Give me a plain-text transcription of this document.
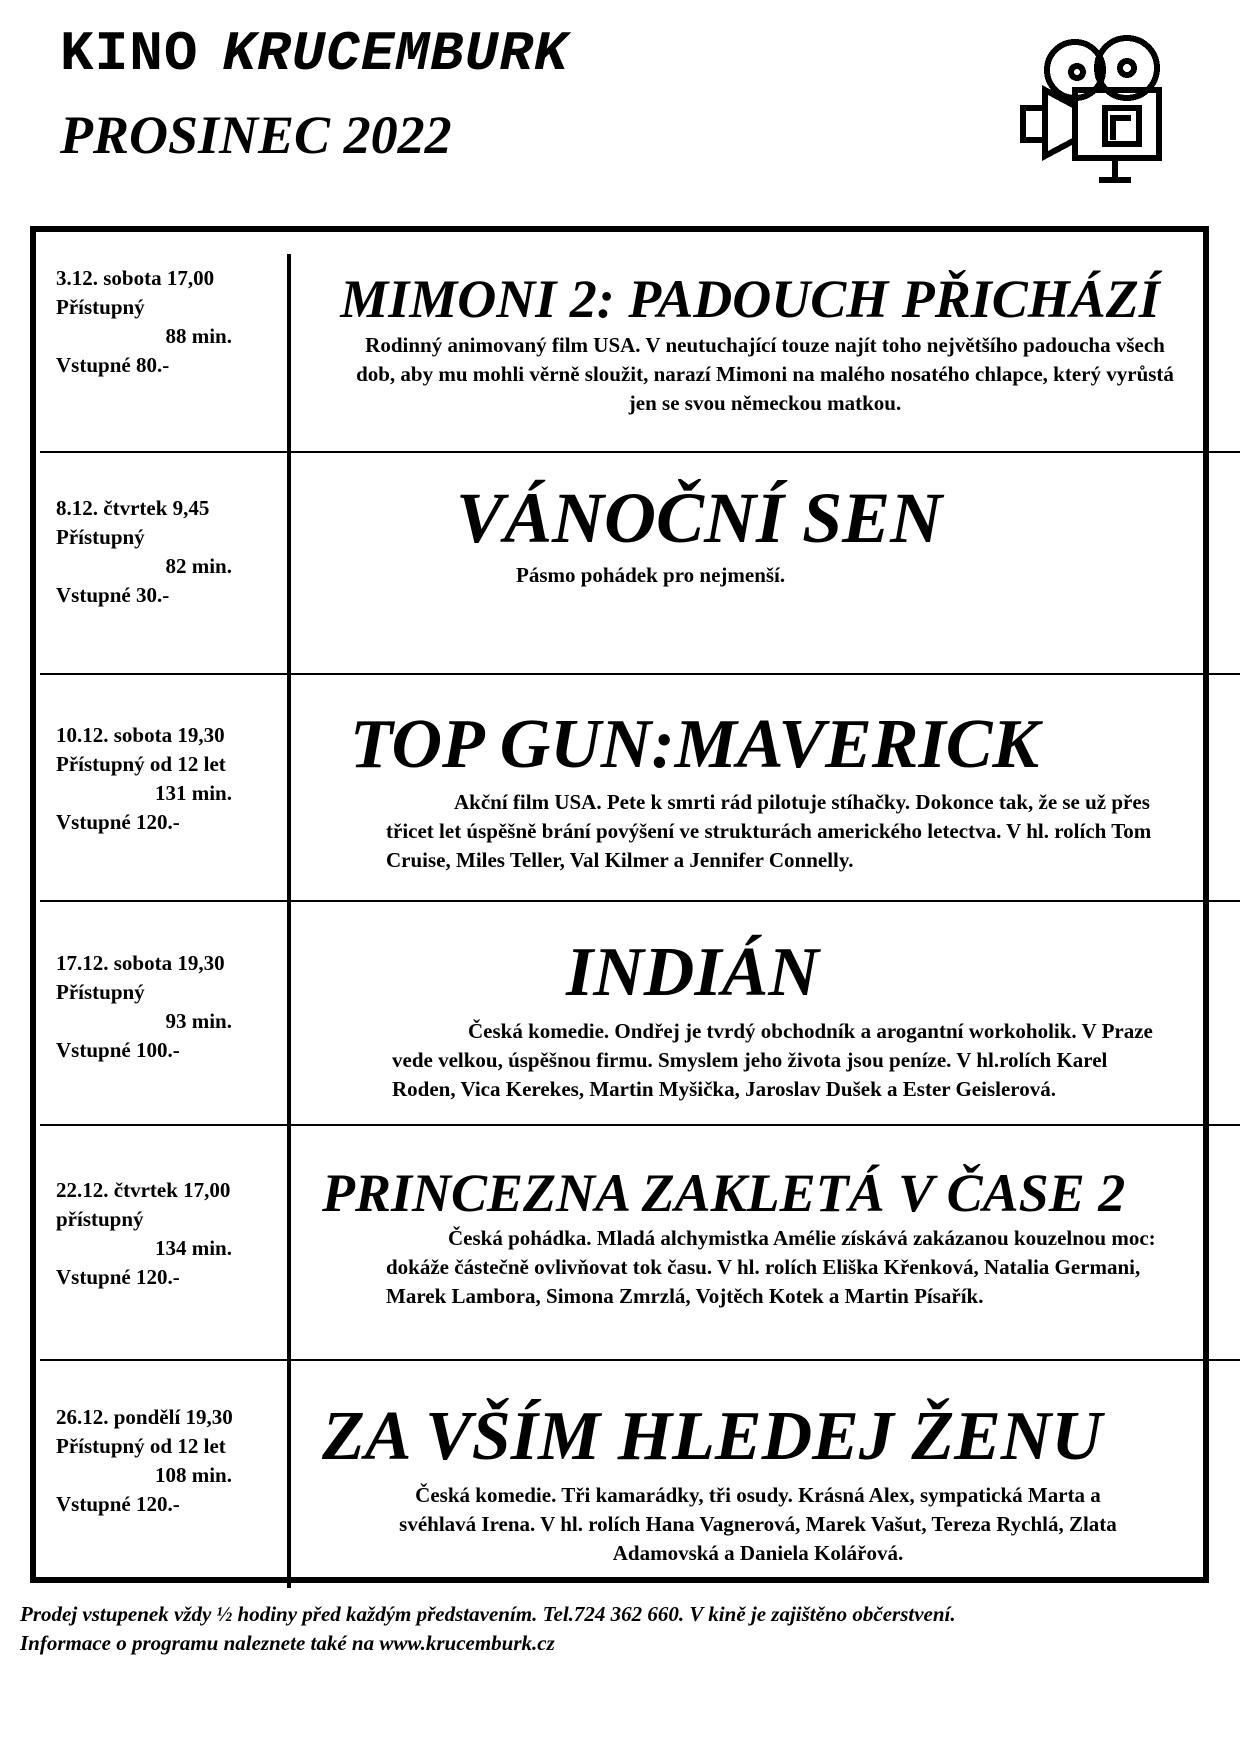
KINO KRUCEMBURK
PROSINEC 2022
3.12. sobota 17,00
Přístupný
88 min.
Vstupné 80.-
MIMONI 2: PADOUCH PŘICHÁZÍ
Rodinný animovaný film USA. V neutuchající touze najít toho největšího padoucha všech dob, aby mu mohli věrně sloužit, narazí Mimoni na malého nosatého chlapce, který vyrůstá jen se svou německou matkou.
8.12. čtvrtek 9,45
Přístupný
82 min.
Vstupné 30.-
VÁNOČNÍ SEN
Pásmo pohádek pro nejmenší.
10.12. sobota 19,30
Přístupný od 12 let
131 min.
Vstupné 120.-
TOP GUN:MAVERICK
Akční film USA. Pete k smrti rád pilotuje stíhačky. Dokonce tak, že se už přes třicet let úspěšně brání povýšení ve strukturách amerického letectva. V hl. rolích Tom Cruise, Miles Teller, Val Kilmer a Jennifer Connelly.
17.12. sobota 19,30
Přístupný
93 min.
Vstupné 100.-
INDIÁN
Česká komedie. Ondřej je tvrdý obchodník a arogantní workoholik. V Praze vede velkou, úspěšnou firmu. Smyslem jeho života jsou peníze. V hl.rolích Karel Roden, Vica Kerekes, Martin Myšička, Jaroslav Dušek a Ester Geislerová.
22.12. čtvrtek 17,00
přístupný
134 min.
Vstupné 120.-
PRINCEZNA ZAKLETÁ V ČASE 2
Česká pohádka. Mladá alchymistka Amélie získává zakázanou kouzelnou moc: dokáže částečně ovlivňovat tok času. V hl. rolích Eliška Křenková, Natalia Germani, Marek Lambora, Simona Zmrzlá, Vojtěch Kotek a Martin Písařík.
26.12. pondělí 19,30
Přístupný od 12 let
108 min.
Vstupné 120.-
ZA VŠÍM HLEDEJ ŽENU
Česká komedie. Tři kamarádky, tři osudy. Krásná Alex, sympatická Marta a svéhlavá Irena. V hl. rolích Hana Vagnerová, Marek Vašut, Tereza Rychlá, Zlata Adamovská a Daniela Kolářová.
Prodej vstupenek vždy ½ hodiny před každým představením. Tel.724 362 660. V kině je zajištěno občerstvení.
Informace o programu naleznete také na www.krucemburk.cz
